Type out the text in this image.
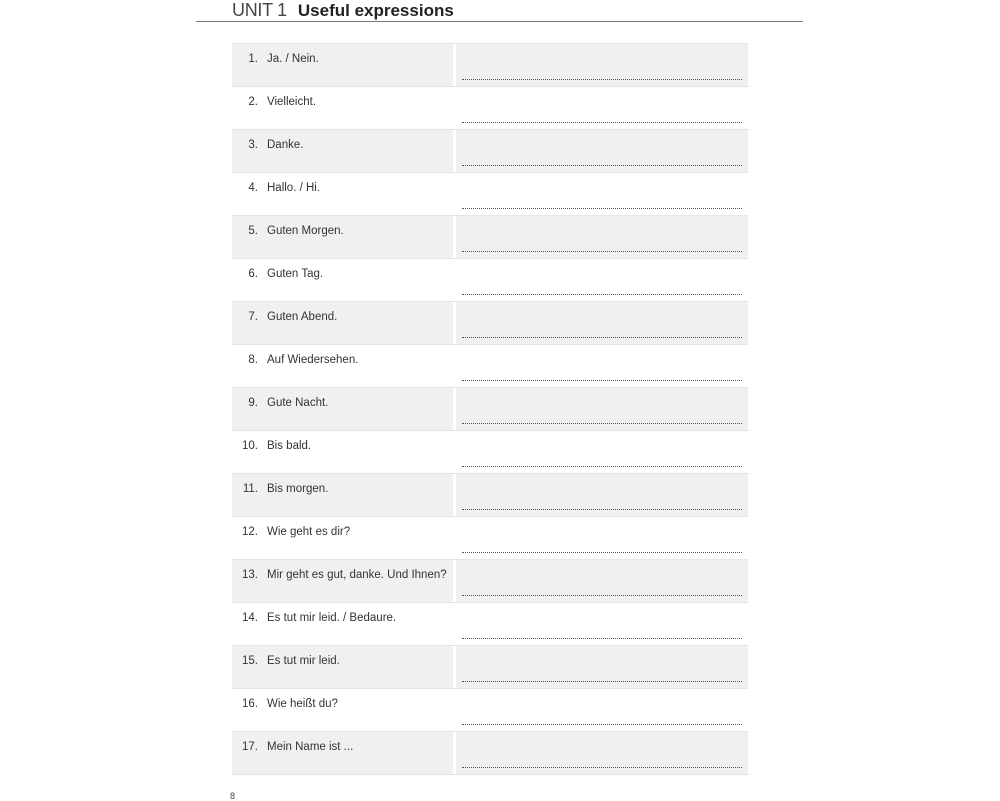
UNIT 1 Useful expressions
1. Ja. / Nein.
2. Vielleicht.
3. Danke.
4. Hallo. / Hi.
5. Guten Morgen.
6. Guten Tag.
7. Guten Abend.
8. Auf Wiedersehen.
9. Gute Nacht.
10. Bis bald.
11. Bis morgen.
12. Wie geht es dir?
13. Mir geht es gut, danke. Und Ihnen?
14. Es tut mir leid. / Bedaure.
15. Es tut mir leid.
16. Wie heißt du?
17. Mein Name ist ...
8
